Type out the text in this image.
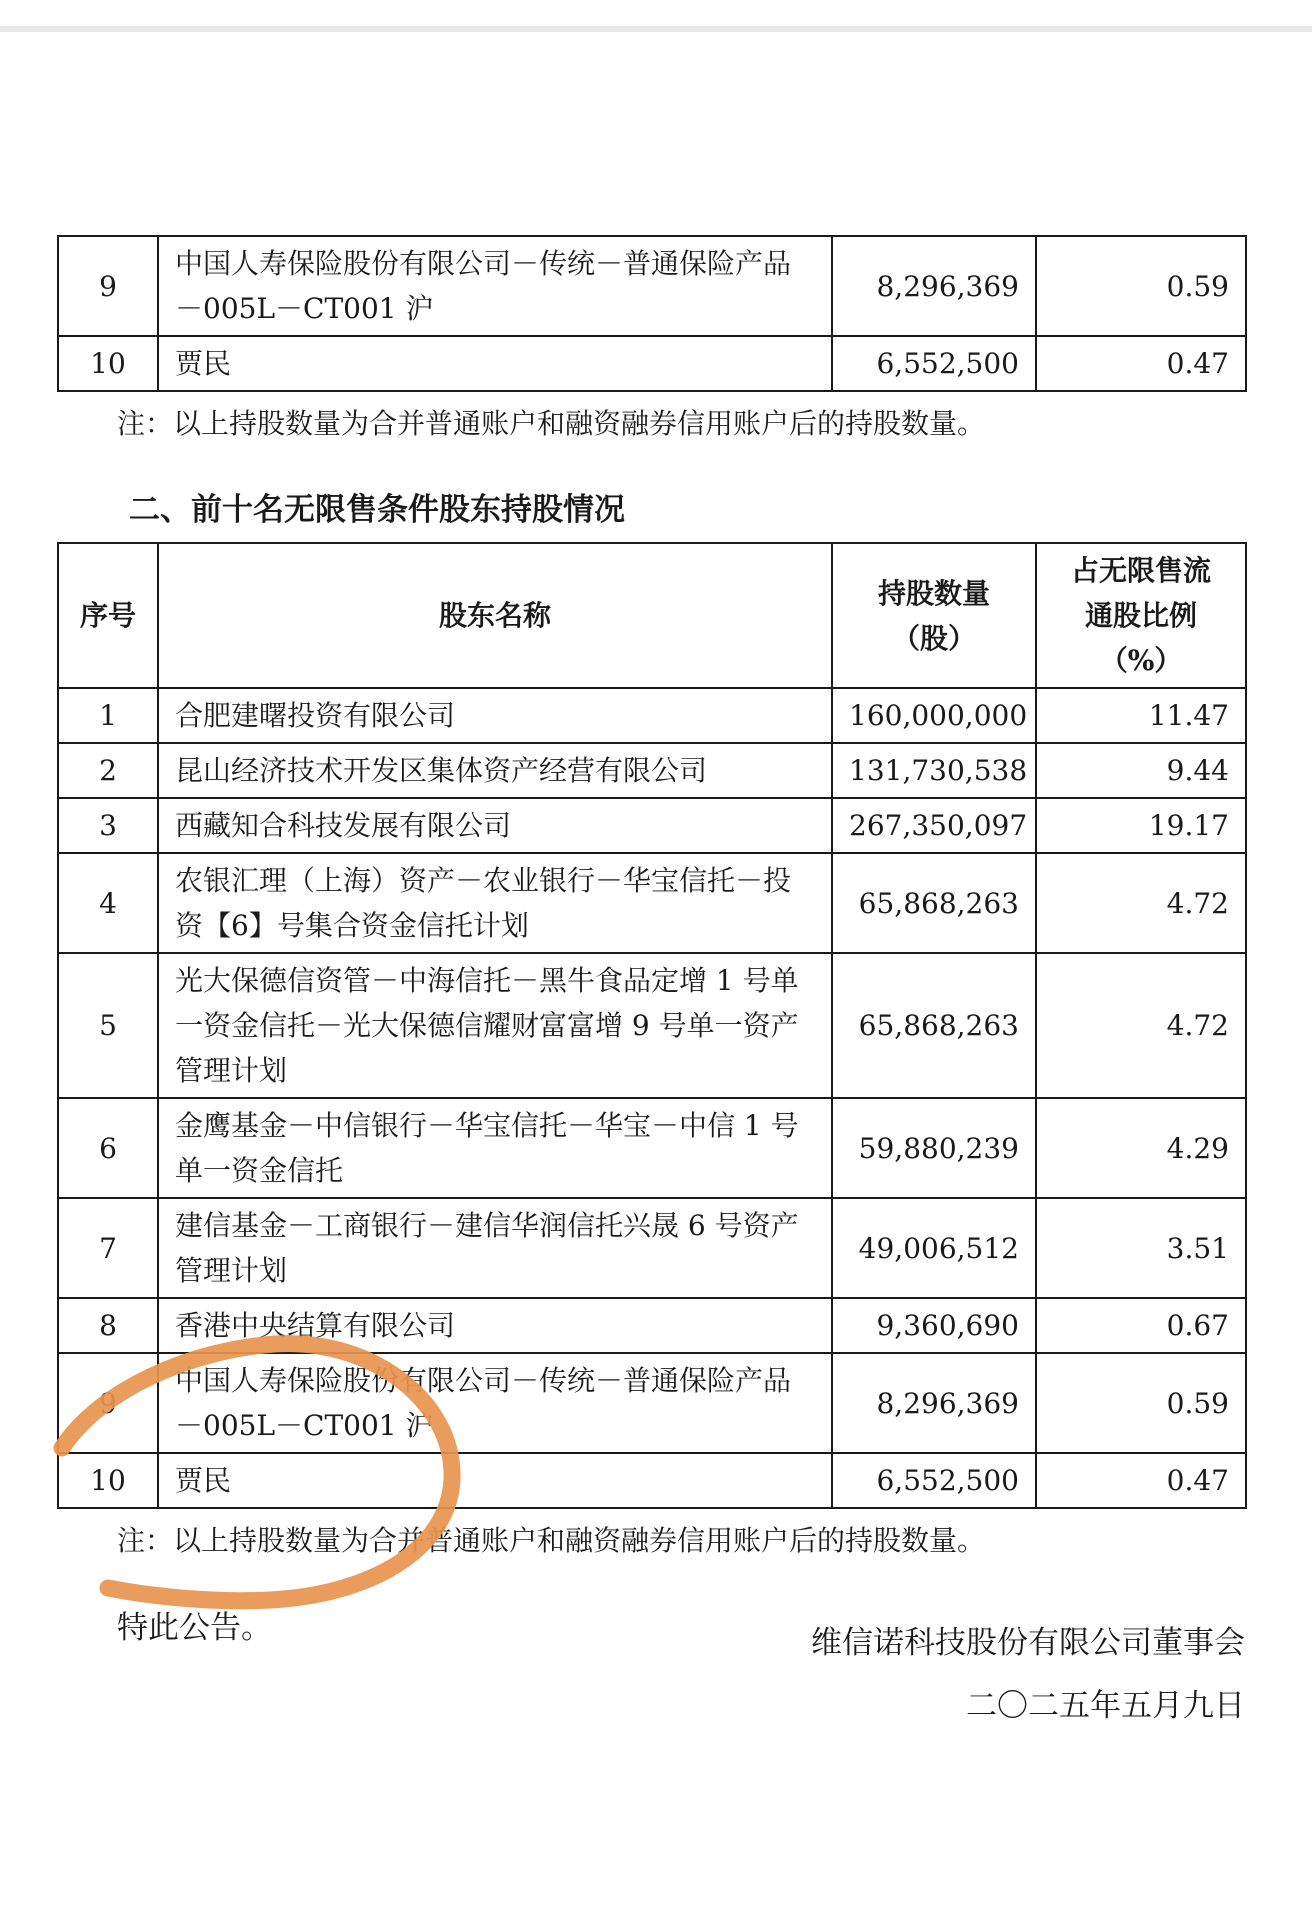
9	中国人寿保险股份有限公司－传统－普通保险产品－005L－CT001 沪	8,296,369	0.59
10	贾民	6,552,500	0.47
注：以上持股数量为合并普通账户和融资融券信用账户后的持股数量。
二、前十名无限售条件股东持股情况
序号	股东名称	持股数量（股）	占无限售流通股比例（%）
1	合肥建曙投资有限公司	160,000,000	11.47
2	昆山经济技术开发区集体资产经营有限公司	131,730,538	9.44
3	西藏知合科技发展有限公司	267,350,097	19.17
4	农银汇理（上海）资产－农业银行－华宝信托－投资【6】号集合资金信托计划	65,868,263	4.72
5	光大保德信资管－中海信托－黑牛食品定增 1 号单一资金信托－光大保德信耀财富富增 9 号单一资产管理计划	65,868,263	4.72
6	金鹰基金－中信银行－华宝信托－华宝－中信 1 号单一资金信托	59,880,239	4.29
7	建信基金－工商银行－建信华润信托兴晟 6 号资产管理计划	49,006,512	3.51
8	香港中央结算有限公司	9,360,690	0.67
9	中国人寿保险股份有限公司－传统－普通保险产品－005L－CT001 沪	8,296,369	0.59
10	贾民	6,552,500	0.47
注：以上持股数量为合并普通账户和融资融券信用账户后的持股数量。
特此公告。	维信诺科技股份有限公司董事会
二〇二五年五月九日
